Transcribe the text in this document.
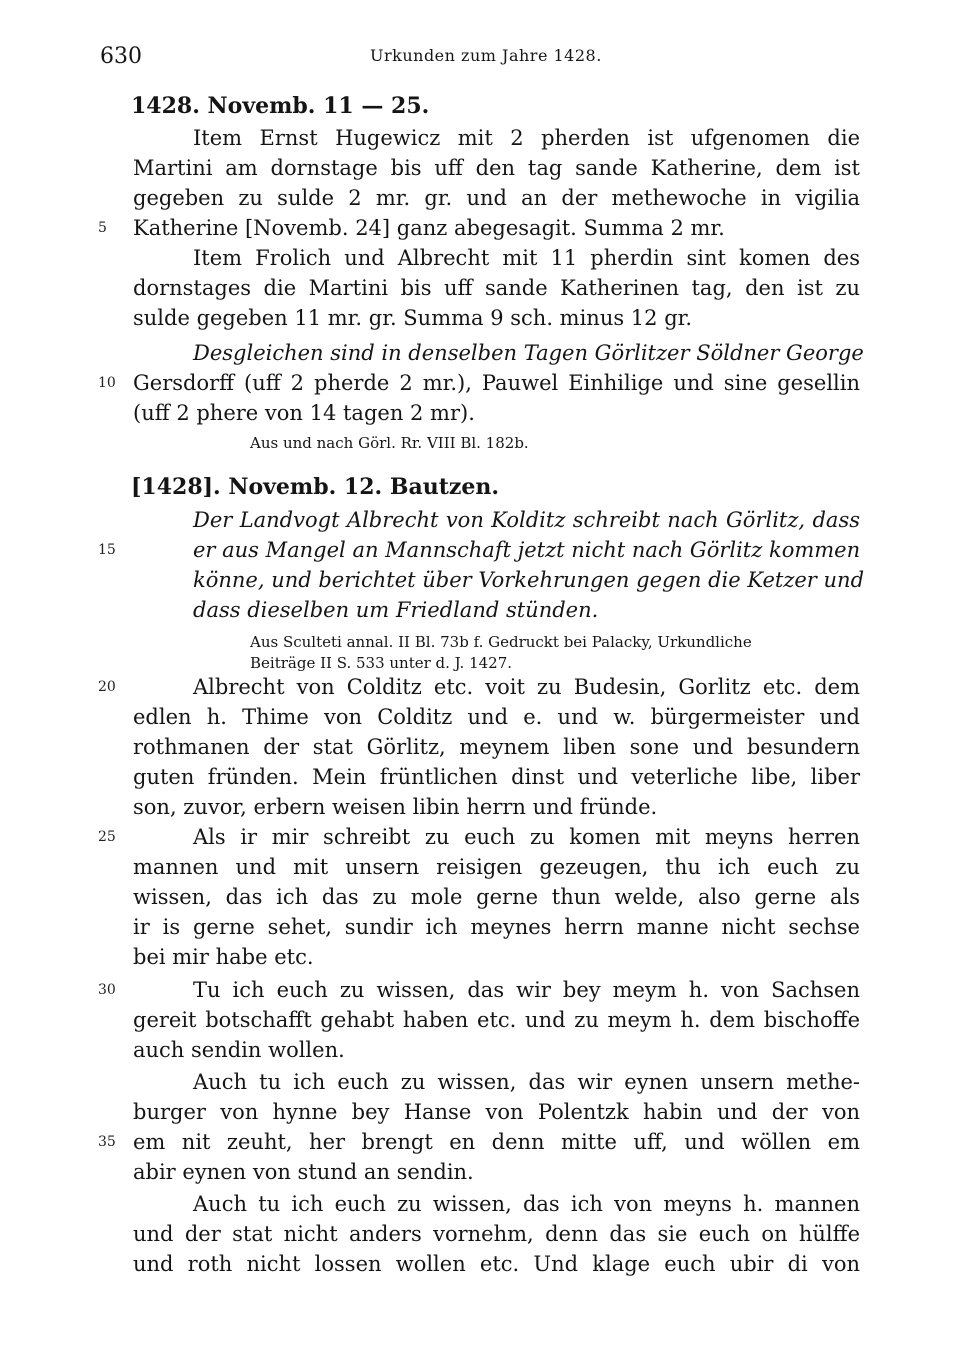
630	Urkunden zum Jahre 1428.
1428. Novemb. 11 — 25.
Item Ernst Hugewicz mit 2 pherden ist ufgenomen die
Martini am dornstage bis uff den tag sande Katherine, dem ist
gegeben zu sulde 2 mr. gr. und an der methewoche in vigilia
5 Katherine [Novemb. 24] ganz abegesagit. Summa 2 mr.
Item Frolich und Albrecht mit 11 pherdin sint komen des
dornstages die Martini bis uff sande Katherinen tag, den ist zu
sulde gegeben 11 mr. gr. Summa 9 sch. minus 12 gr.
Desgleichen sind in denselben Tagen Görlitzer Söldner George
10 Gersdorff (uff 2 pherde 2 mr.), Pauwel Einhilige und sine gesellin
(uff 2 phere von 14 tagen 2 mr).
Aus und nach Görl. Rr. VIII Bl. 182b.
[1428]. Novemb. 12. Bautzen.
Der Landvogt Albrecht von Kolditz schreibt nach Görlitz, dass
15	er aus Mangel an Mannschaft jetzt nicht nach Görlitz kommen
könne, und berichtet über Vorkehrungen gegen die Ketzer und
dass dieselben um Friedland stünden.
Aus Sculteti annal. II Bl. 73b f. Gedruckt bei Palacky, Urkundliche
Beiträge II S. 533 unter d. J. 1427.
20	Albrecht von Colditz etc. voit zu Budesin, Gorlitz etc. dem
edlen h. Thime von Colditz und e. und w. bürgermeister und
rothmanen der stat Görlitz, meynem liben sone und besundern
guten fründen. Mein früntlichen dinst und veterliche libe, liber
son, zuvor, erbern weisen libin herrn und fründe.
25	Als ir mir schreibt zu euch zu komen mit meyns herren
mannen und mit unsern reisigen gezeugen, thu ich euch zu
wissen, das ich das zu mole gerne thun welde, also gerne als
ir is gerne sehet, sundir ich meynes herrn manne nicht sechse
bei mir habe etc.
30	Tu ich euch zu wissen, das wir bey meym h. von Sachsen
gereit botschafft gehabt haben etc. und zu meym h. dem bischoffe
auch sendin wollen.
Auch tu ich euch zu wissen, das wir eynen unsern methe-
burger von hynne bey Hanse von Polentzk habin und der von
35 em nit zeuht, her brengt en denn mitte uff, und wöllen em
abir eynen von stund an sendin.
Auch tu ich euch zu wissen, das ich von meyns h. mannen
und der stat nicht anders vornehm, denn das sie euch on hülffe
und roth nicht lossen wollen etc. Und klage euch ubir di von
